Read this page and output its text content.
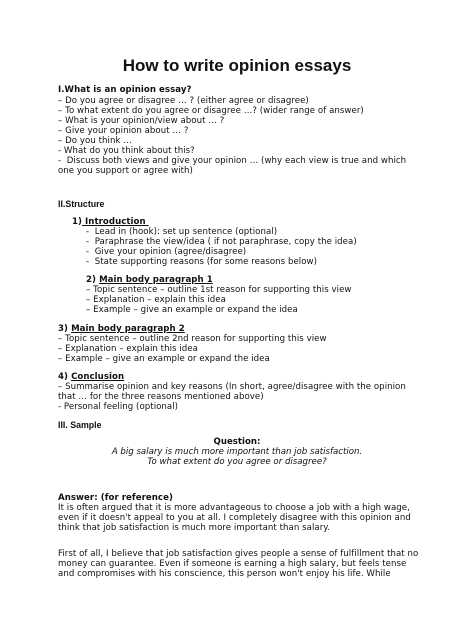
How to write opinion essays
I.What is an opinion essay?
– Do you agree or disagree … ? (either agree or disagree)
– To what extent do you agree or disagree …? (wider range of answer)
– What is your opinion/view about … ?
– Give your opinion about … ?
– Do you think …
- What do you think about this?
-  Discuss both views and give your opinion … (why each view is true and which
one you support or agree with)
II.Structure
1) Introduction
-  Lead in (hook): set up sentence (optional)
-  Paraphrase the view/idea ( if not paraphrase, copy the idea)
-  Give your opinion (agree/disagree)
-  State supporting reasons (for some reasons below)
2) Main body paragraph 1
– Topic sentence – outline 1st reason for supporting this view
– Explanation – explain this idea
– Example – give an example or expand the idea
3) Main body paragraph 2
– Topic sentence – outline 2nd reason for supporting this view
– Explanation – explain this idea
– Example – give an example or expand the idea
4) Conclusion
– Summarise opinion and key reasons (In short, agree/disagree with the opinion
that … for the three reasons mentioned above)
- Personal feeling (optional)
III. Sample
Question:
A big salary is much more important than job satisfaction.
To what extent do you agree or disagree?
Answer: (for reference)
It is often argued that it is more advantageous to choose a job with a high wage,
even if it doesn't appeal to you at all. I completely disagree with this opinion and
think that job satisfaction is much more important than salary.
First of all, I believe that job satisfaction gives people a sense of fulfillment that no
money can guarantee. Even if someone is earning a high salary, but feels tense
and compromises with his conscience, this person won't enjoy his life. While
